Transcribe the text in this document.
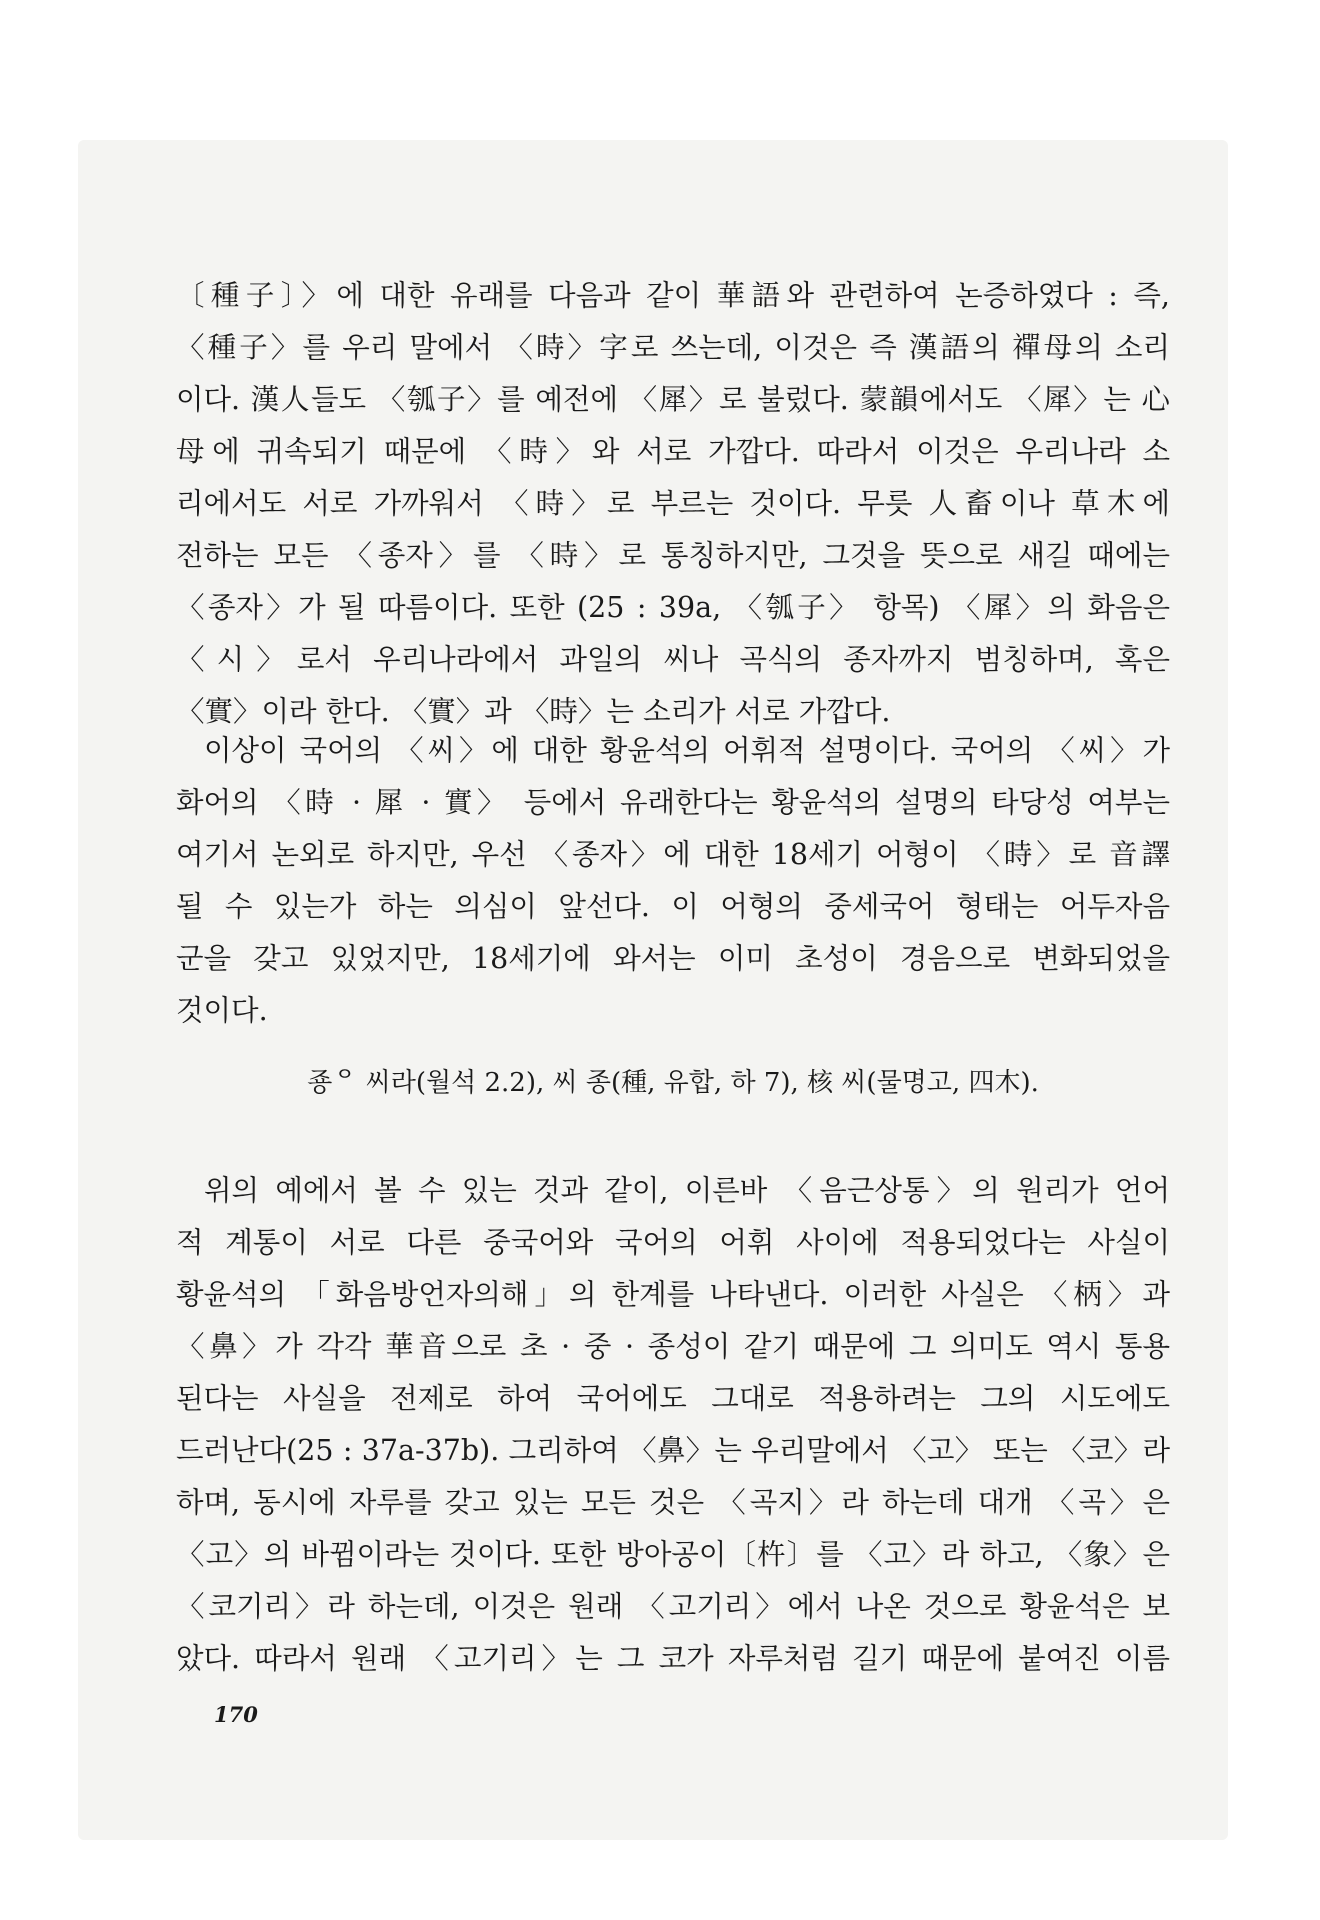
〔種子〕〉에 대한 유래를 다음과 같이 華語와 관련하여 논증하였다 : 즉,
〈種子〉를 우리 말에서 〈時〉字로 쓰는데, 이것은 즉 漢語의 禪母의 소리
이다. 漢人들도 〈瓠子〉를 예전에 〈犀〉로 불렀다. 蒙韻에서도 〈犀〉는 心
母에 귀속되기 때문에 〈時〉와 서로 가깝다. 따라서 이것은 우리나라 소
리에서도 서로 가까워서 〈時〉로 부르는 것이다. 무릇 人畜이나 草木에
전하는 모든 〈종자〉를 〈時〉로 통칭하지만, 그것을 뜻으로 새길 때에는
〈종자〉가 될 따름이다. 또한 (25 : 39a, 〈瓠子〉 항목) 〈犀〉의 화음은
〈시〉로서 우리나라에서 과일의 씨나 곡식의 종자까지 범칭하며, 혹은
〈實〉이라 한다. 〈實〉과 〈時〉는 소리가 서로 가깝다.
이상이 국어의 〈씨〉에 대한 황윤석의 어휘적 설명이다. 국어의 〈씨〉가
화어의 〈時 · 犀 · 實〉 등에서 유래한다는 황윤석의 설명의 타당성 여부는
여기서 논외로 하지만, 우선 〈종자〉에 대한 18세기 어형이 〈時〉로 音譯
될 수 있는가 하는 의심이 앞선다. 이 어형의 중세국어 형태는 어두자음
군을 갖고 있었지만, 18세기에 와서는 이미 초성이 경음으로 변화되었을
것이다.
죵ᄋ 씨라(월석 2.2), 씨 종(種, 유합, 하 7), 核 씨(물명고, 四木).
위의 예에서 볼 수 있는 것과 같이, 이른바 〈음근상통〉의 원리가 언어
적 계통이 서로 다른 중국어와 국어의 어휘 사이에 적용되었다는 사실이
황윤석의 「화음방언자의해」의 한계를 나타낸다. 이러한 사실은 〈柄〉과
〈鼻〉가 각각 華音으로 초 · 중 · 종성이 같기 때문에 그 의미도 역시 통용
된다는 사실을 전제로 하여 국어에도 그대로 적용하려는 그의 시도에도
드러난다(25 : 37a-37b). 그리하여 〈鼻〉는 우리말에서 〈고〉 또는 〈코〉라
하며, 동시에 자루를 갖고 있는 모든 것은 〈곡지〉라 하는데 대개 〈곡〉은
〈고〉의 바뀜이라는 것이다. 또한 방아공이〔杵〕를 〈고〉라 하고, 〈象〉은
〈코기리〉라 하는데, 이것은 원래 〈고기리〉에서 나온 것으로 황윤석은 보
았다. 따라서 원래 〈고기리〉는 그 코가 자루처럼 길기 때문에 붙여진 이름
170
